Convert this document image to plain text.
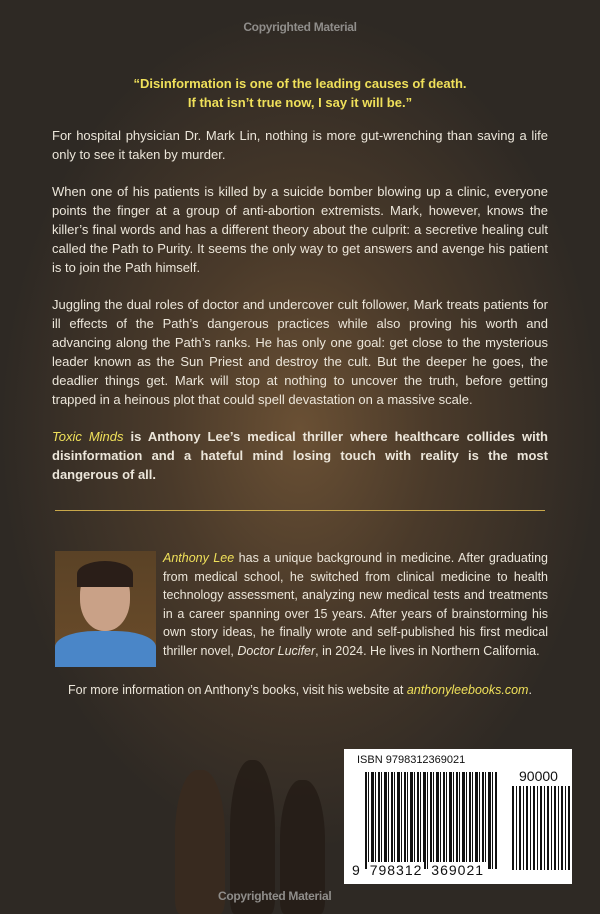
Copyrighted Material
“Disinformation is one of the leading causes of death.
If that isn’t true now, I say it will be.”

For hospital physician Dr. Mark Lin, nothing is more gut-wrenching than saving a life only to see it taken by murder.

When one of his patients is killed by a suicide bomber blowing up a clinic, everyone points the finger at a group of anti-abortion extremists. Mark, however, knows the killer’s final words and has a different theory about the culprit: a secretive healing cult called the Path to Purity. It seems the only way to get answers and avenge his patient is to join the Path himself.

Juggling the dual roles of doctor and undercover cult follower, Mark treats patients for ill effects of the Path’s dangerous practices while also proving his worth and advancing along the Path’s ranks. He has only one goal: get close to the mysterious leader known as the Sun Priest and destroy the cult. But the deeper he goes, the deadlier things get. Mark will stop at nothing to uncover the truth, before getting trapped in a heinous plot that could spell devastation on a massive scale.

Toxic Minds is Anthony Lee’s medical thriller where healthcare collides with disinformation and a hateful mind losing touch with reality is the most dangerous of all.

Anthony Lee has a unique background in medicine. After graduating from medical school, he switched from clinical medicine to health technology assessment, analyzing new medical tests and treatments in a career spanning over 15 years. After years of brainstorming his own story ideas, he finally wrote and self-published his first medical thriller novel, Doctor Lucifer, in 2024. He lives in Northern California.
For more information on Anthony’s books, visit his website at anthonyleebooks.com.
Copyrighted Material
ISBN 9798312369021
90000
9 798312 369021
